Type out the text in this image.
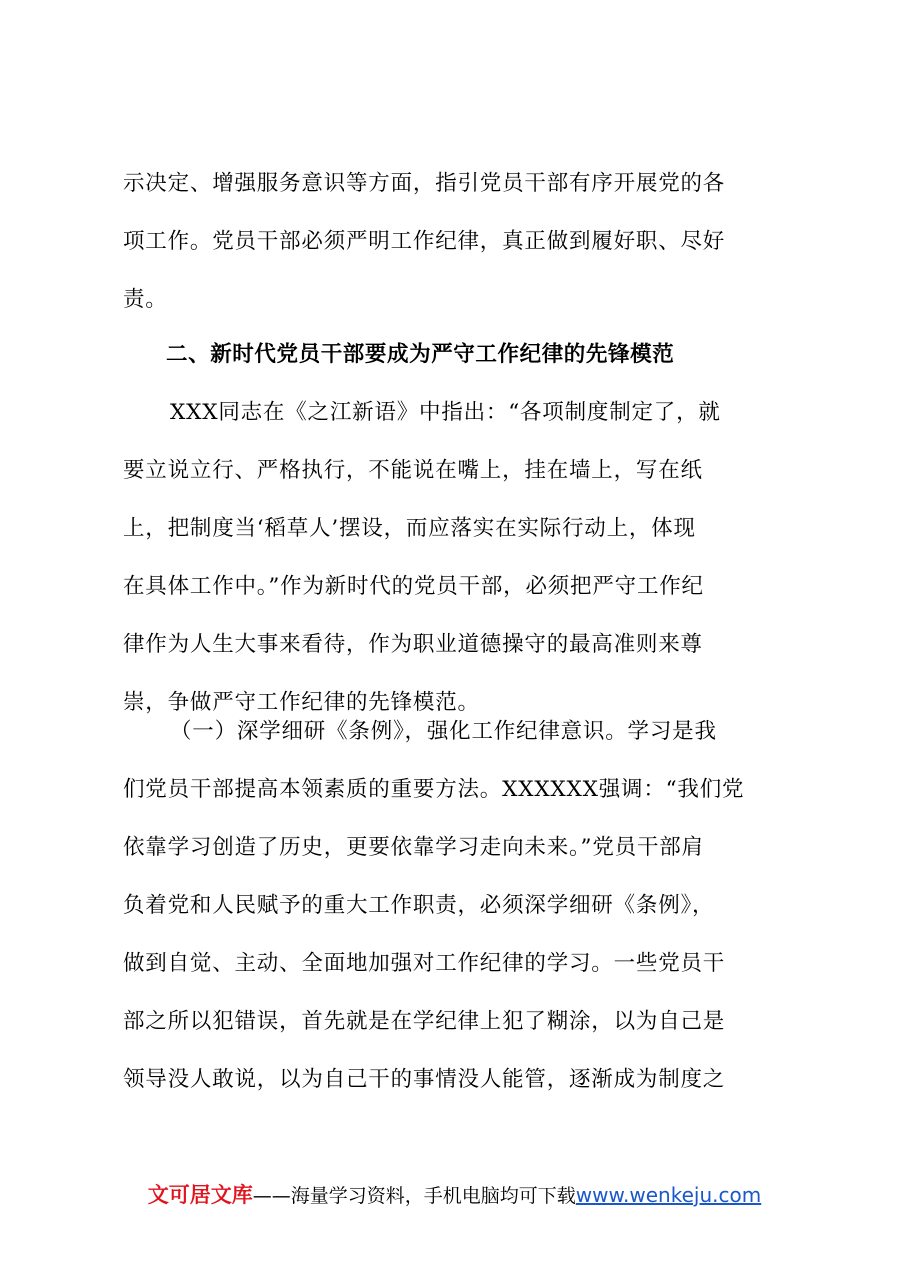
示决定、增强服务意识等方面，指引党员干部有序开展党的各
项工作。党员干部必须严明工作纪律，真正做到履好职、尽好
责。
二、新时代党员干部要成为严守工作纪律的先锋模范
XXX同志在《之江新语》中指出：“各项制度制定了，就
要立说立行、严格执行，不能说在嘴上，挂在墙上，写在纸
上，把制度当‘稻草人’摆设，而应落实在实际行动上，体现
在具体工作中。”作为新时代的党员干部，必须把严守工作纪
律作为人生大事来看待，作为职业道德操守的最高准则来尊
崇，争做严守工作纪律的先锋模范。
（一）深学细研《条例》，强化工作纪律意识。学习是我
们党员干部提高本领素质的重要方法。XXXXXX强调：“我们党
依靠学习创造了历史，更要依靠学习走向未来。”党员干部肩
负着党和人民赋予的重大工作职责，必须深学细研《条例》，
做到自觉、主动、全面地加强对工作纪律的学习。一些党员干
部之所以犯错误，首先就是在学纪律上犯了糊涂，以为自己是
领导没人敢说，以为自己干的事情没人能管，逐渐成为制度之
文可居文库——海量学习资料，手机电脑均可下载www.wenkeju.com
